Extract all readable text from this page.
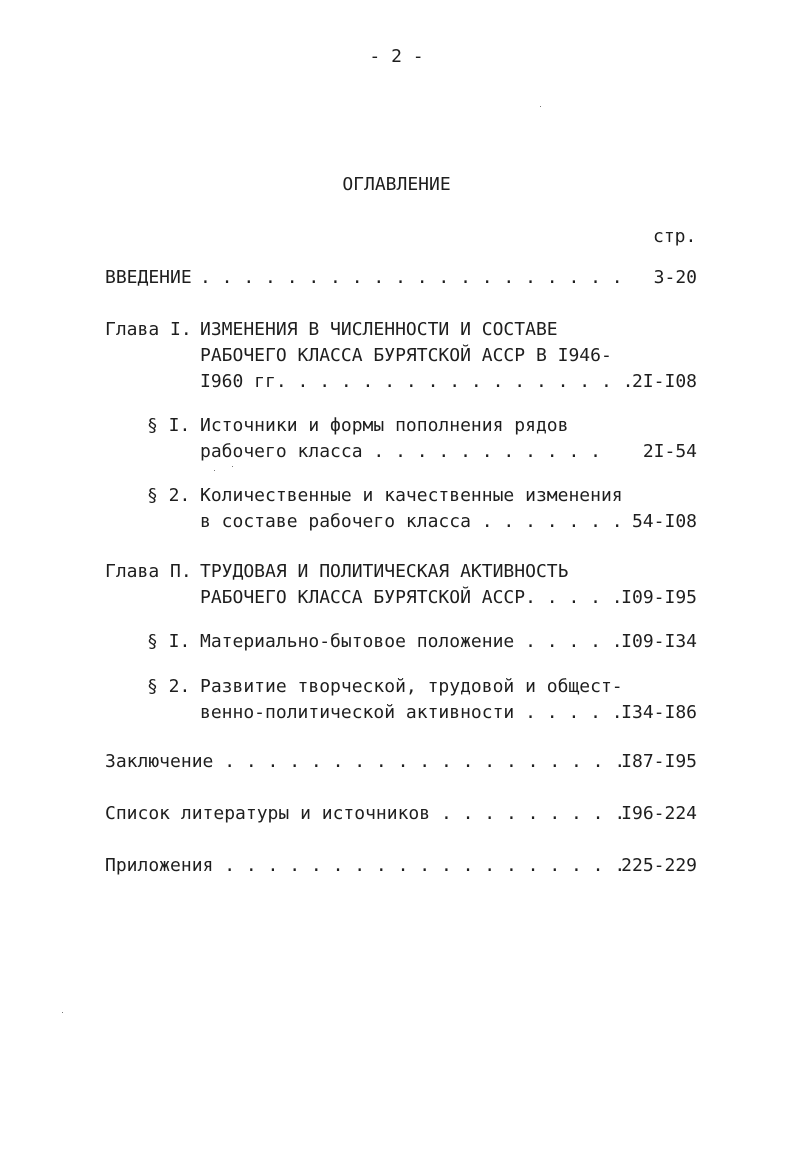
- 2 -
ОГЛАВЛЕНИЕ
стр.
ВВЕДЕНИЕ . . . . . . . . . . . . . . . . . . . . 3-20
Глава I. ИЗМЕНЕНИЯ В ЧИСЛЕННОСТИ И СОСТАВЕ
РАБОЧЕГО КЛАССА БУРЯТСКОЙ АССР В I946-
I960 гг. . . . . . . . . . . . . . . . .
2I-I08
§ I. Источники и формы пополнения рядов
рабочего класса . . . . . . . . . . . 2I-54
§ 2. Количественные и качественные изменения
в составе рабочего класса . . . . . . . 54-I08
Глава П. ТРУДОВАЯ И ПОЛИТИЧЕСКАЯ АКТИВНОСТЬ
РАБОЧЕГО КЛАССА БУРЯТСКОЙ АССР. . . . .
I09-I95
§ I. Материально-бытовое положение . . . . .
I09-I34
§ 2. Развитие творческой, трудовой и общест-
венно-политической активности . . . . .
I34-I86
Заключение . . . . . . . . . . . . . . . . . . .
I87-I95
Список литературы и источников . . . . . . . . .
I96-224
Приложения . . . . . . . . . . . . . . . . . . .
225-229
